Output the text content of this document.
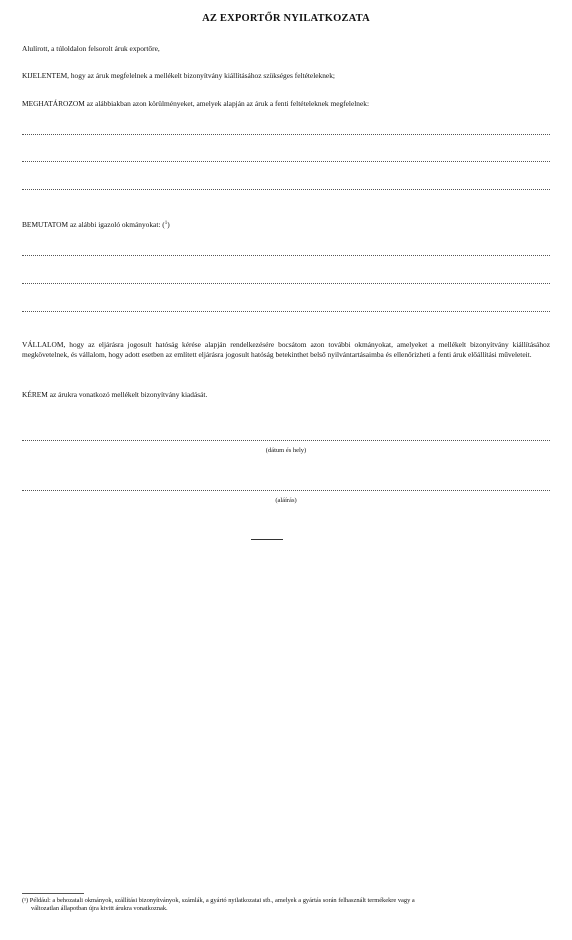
AZ EXPORTŐR NYILATKOZATA
Alulírott, a túloldalon felsorolt áruk exportőre,
KIJELENTEM, hogy az áruk megfelelnek a mellékelt bizonyítvány kiállításához szükséges feltételeknek;
MEGHATÁROZOM az alábbiakban azon körülményeket, amelyek alapján az áruk a fenti feltételeknek megfelelnek:
BEMUTATOM az alábbi igazoló okmányokat: ($^1$)
VÁLLALOM, hogy az eljárásra jogosult hatóság kérése alapján rendelkezésére bocsátom azon további okmányokat, amelyeket a mellékelt bizonyítvány kiállításához megkövetelnek, és vállalom, hogy adott esetben az említett eljárásra jogosult hatóság betekinthet belső nyilvántartásaimba és ellenőrizheti a fenti áruk előállítási műveleteit.
KÉREM az árukra vonatkozó mellékelt bizonyítvány kiadását.
(dátum és hely)
(aláírás)
(¹) Például: a behozatali okmányok, szállítási bizonyítványok, számlák, a gyártó nyilatkozatai stb., amelyek a gyártás során felhasznált termékekre vagy a
változatlan állapotban újra kivitt árukra vonatkoznak.
